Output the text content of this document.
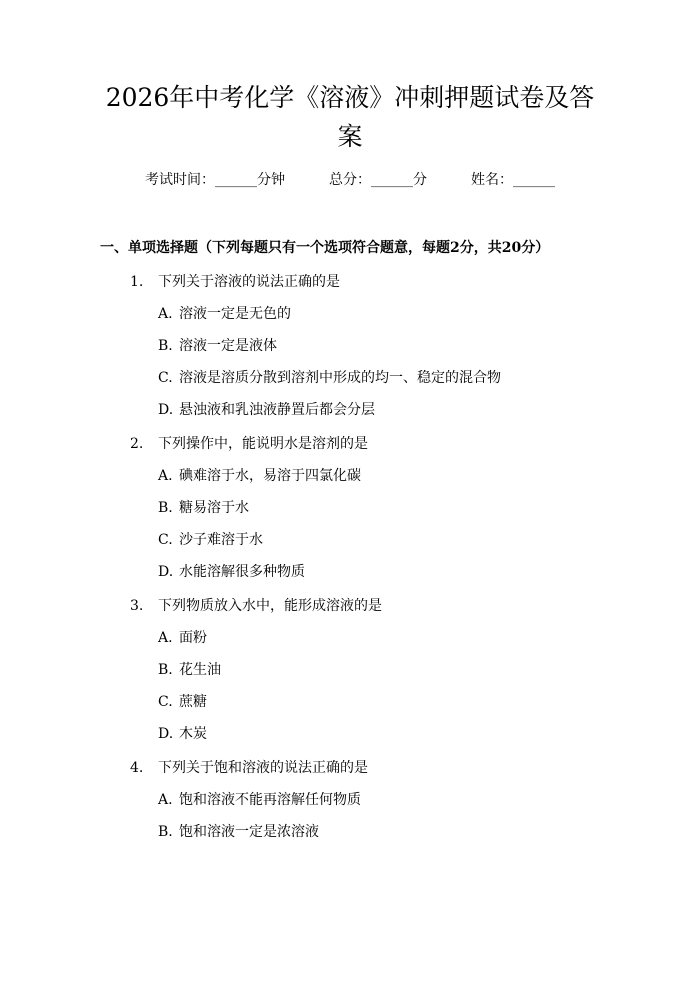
2026年中考化学《溶液》冲刺押题试卷及答案
考试时间：______分钟	总分：______分	姓名：______
一、单项选择题（下列每题只有一个选项符合题意，每题2分，共20分）
1.	下列关于溶液的说法正确的是
A. 溶液一定是无色的
B. 溶液一定是液体
C. 溶液是溶质分散到溶剂中形成的均一、稳定的混合物
D. 悬浊液和乳浊液静置后都会分层
2.	下列操作中，能说明水是溶剂的是
A. 碘难溶于水，易溶于四氯化碳
B. 糖易溶于水
C. 沙子难溶于水
D. 水能溶解很多种物质
3.	下列物质放入水中，能形成溶液的是
A. 面粉
B. 花生油
C. 蔗糖
D. 木炭
4.	下列关于饱和溶液的说法正确的是
A. 饱和溶液不能再溶解任何物质
B. 饱和溶液一定是浓溶液
